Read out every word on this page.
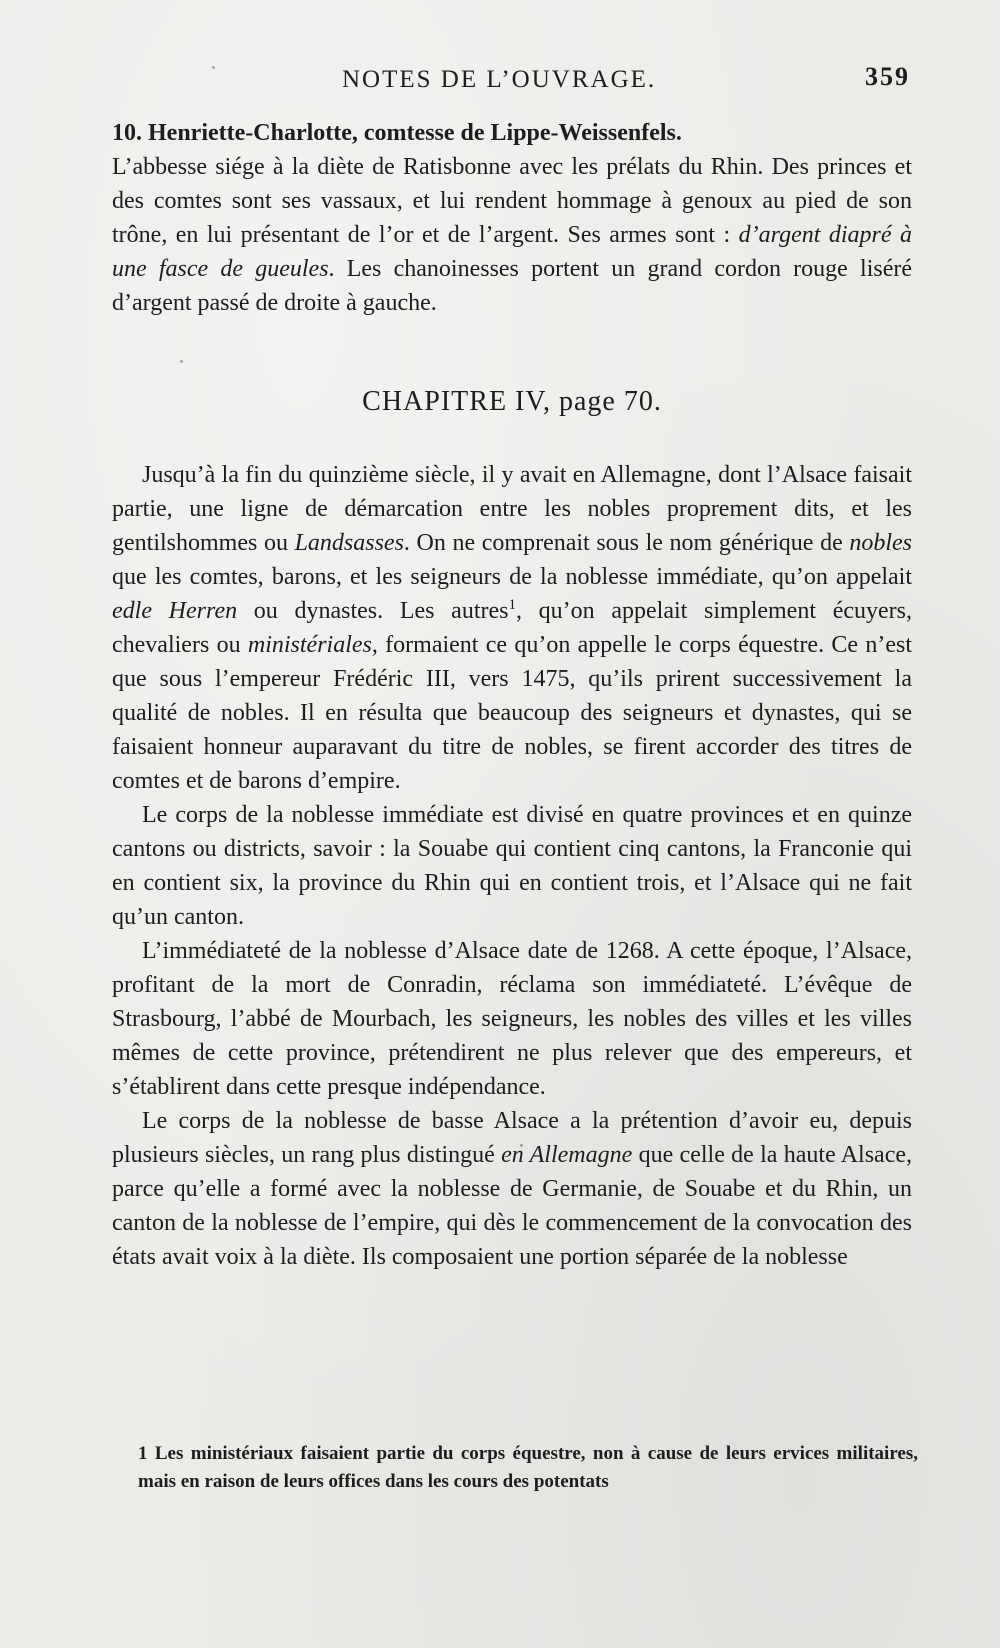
NOTES DE L’OUVRAGE.	359

10. Henriette-Charlotte, comtesse de Lippe-Weissenfels.

L’abbesse siége à la diète de Ratisbonne avec les prélats du Rhin. Des princes et des comtes sont ses vassaux, et lui rendent hommage à genoux au pied de son trône, en lui présentant de l’or et de l’argent. Ses armes sont : d’argent diapré à une fasce de gueules. Les chanoinesses portent un grand cordon rouge liséré d’argent passé de droite à gauche.

CHAPITRE IV, page 70.

Jusqu’à la fin du quinzième siècle, il y avait en Allemagne, dont l’Alsace faisait partie, une ligne de démarcation entre les nobles proprement dits, et les gentilshommes ou Landsasses. On ne comprenait sous le nom générique de nobles que les comtes, barons, et les seigneurs de la noblesse immédiate, qu’on appelait edle Herren ou dynastes. Les autres$^1$, qu’on appelait simplement écuyers, chevaliers ou ministériales, formaient ce qu’on appelle le corps équestre. Ce n’est que sous l’empereur Frédéric III, vers 1475, qu’ils prirent successivement la qualité de nobles. Il en résulta que beaucoup des seigneurs et dynastes, qui se faisaient honneur auparavant du titre de nobles, se firent accorder des titres de comtes et de barons d’empire.

Le corps de la noblesse immédiate est divisé en quatre provinces et en quinze cantons ou districts, savoir : la Souabe qui contient cinq cantons, la Franconie qui en contient six, la province du Rhin qui en contient trois, et l’Alsace qui ne fait qu’un canton.

L’immédiateté de la noblesse d’Alsace date de 1268. A cette époque, l’Alsace, profitant de la mort de Conradin, réclama son immédiateté. L’évêque de Strasbourg, l’abbé de Mourbach, les seigneurs, les nobles des villes et les villes mêmes de cette province, prétendirent ne plus relever que des empereurs, et s’établirent dans cette presque indépendance.

Le corps de la noblesse de basse Alsace a la prétention d’avoir eu, depuis plusieurs siècles, un rang plus distingué en Allemagne que celle de la haute Alsace, parce qu’elle a formé avec la noblesse de Germanie, de Souabe et du Rhin, un canton de la noblesse de l’empire, qui dès le commencement de la convocation des états avait voix à la diète. Ils composaient une portion séparée de la noblesse

1 Les ministériaux faisaient partie du corps équestre, non à cause de leurs ervices militaires, mais en raison de leurs offices dans les cours des potentats
